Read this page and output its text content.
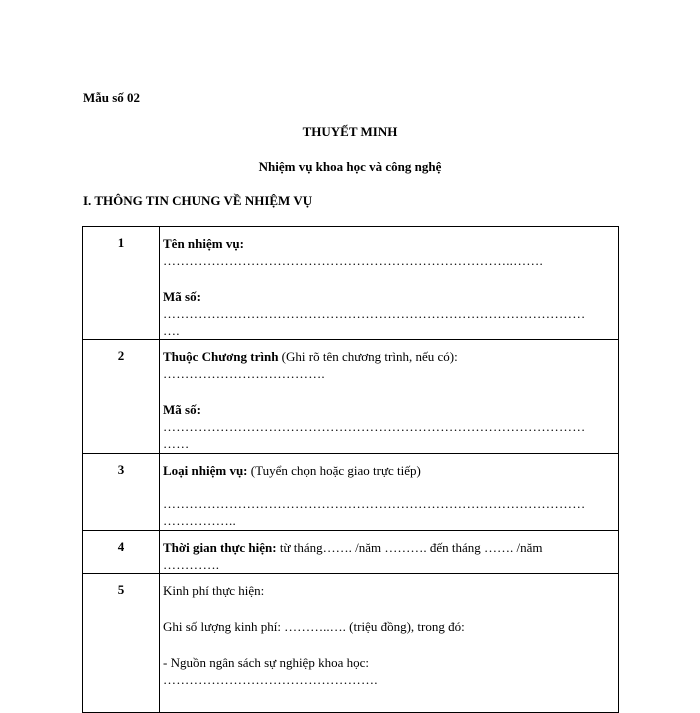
Mẫu số 02
THUYẾT MINH
Nhiệm vụ khoa học và công nghệ
I. THÔNG TIN CHUNG VỀ NHIỆM VỤ
1	Tên nhiệm vụ:
……………………………………………………………………..…….
Mã số:
……………………………………………………………………………………
….

2	Thuộc Chương trình (Ghi rõ tên chương trình, nếu có):
……………………………….
Mã số:
……………………………………………………………………………………
……

3	Loại nhiệm vụ: (Tuyển chọn hoặc giao trực tiếp)
……………………………………………………………………………………
……………..

4	Thời gian thực hiện: từ tháng……. /năm ………. đến tháng ……. /năm
………….

5	Kinh phí thực hiện:
Ghi số lượng kinh phí: ………..…. (triệu đồng), trong đó:
- Nguồn ngân sách sự nghiệp khoa học:
………………………………………….
